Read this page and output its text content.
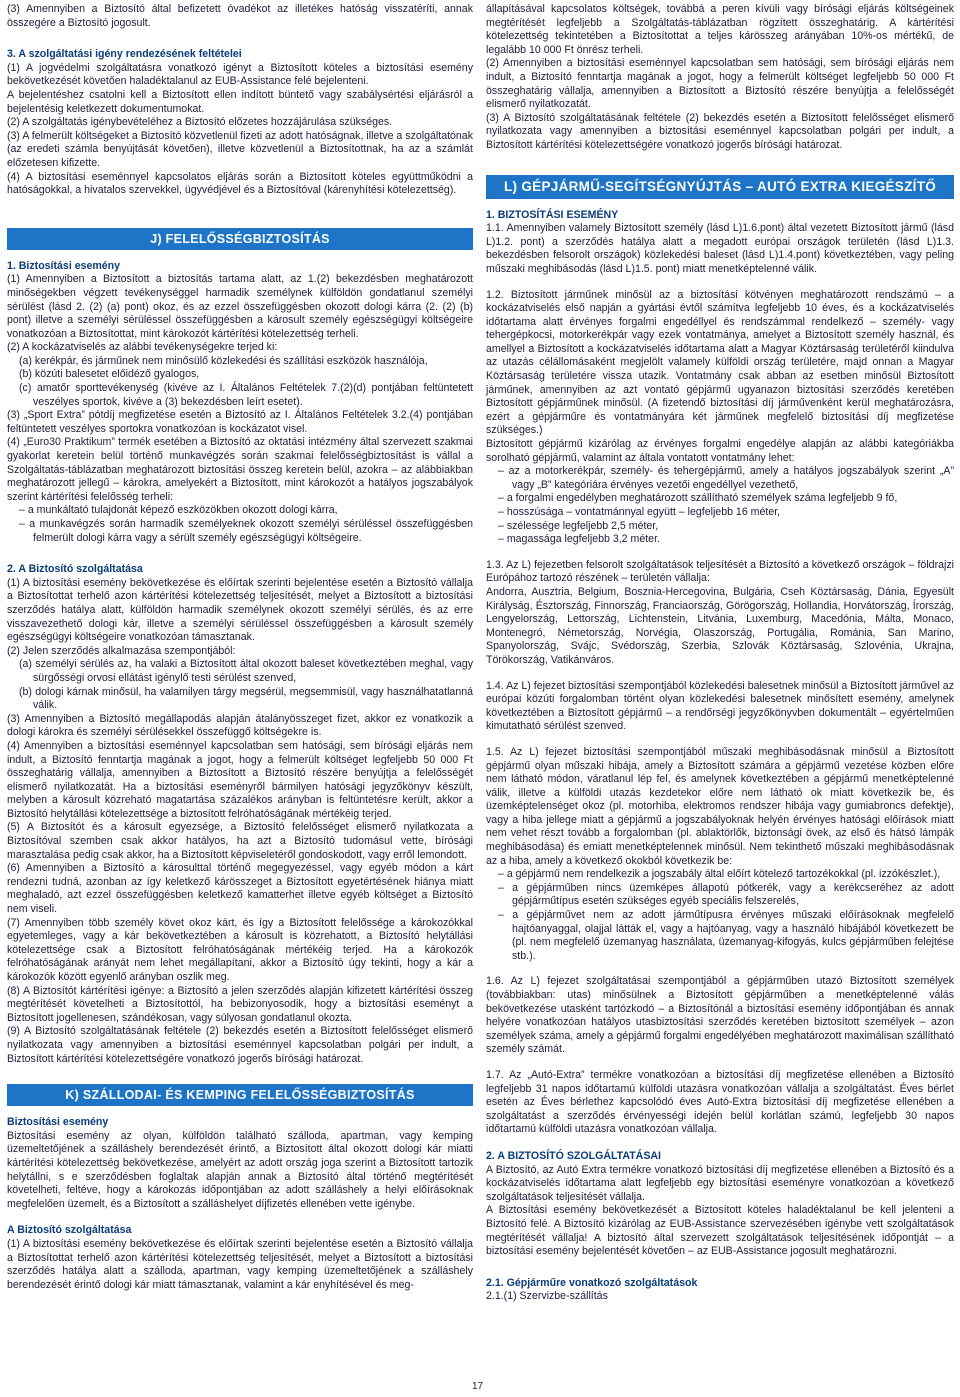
(3) Amennyiben a Biztosító által befizetett óvadékot az illetékes hatóság visszatéríti, annak összegére a Biztosító jogosult.

3. A szolgáltatási igény rendezésének feltételei

(1) A jogvédelmi szolgáltatásra vonatkozó igényt a Biztosított köteles a biztosítási esemény bekövetkezését követően haladéktalanul az EUB-Assistance felé bejelenteni.

A bejelentéshez csatolni kell a Biztosított ellen indított büntető vagy szabálysértési eljárásról a bejelentésig keletkezett dokumentumokat.

(2) A szolgáltatás igénybevételéhez a Biztosító előzetes hozzájárulása szükséges.

(3) A felmerült költségeket a Biztosító közvetlenül fizeti az adott hatóságnak, illetve a szolgáltatónak (az eredeti számla benyújtását követően), illetve közvetlenül a Biztosítottnak, ha az a számlát előzetesen kifizette.

(4) A biztosítási eseménnyel kapcsolatos eljárás során a Biztosított köteles együttműködni a hatóságokkal, a hivatalos szervekkel, ügyvédjével és a Biztosítóval (kárenyhítési kötelezettség).

J) FELELŐSSÉGBIZTOSÍTÁS

1. Biztosítási esemény

(1) Amennyiben a Biztosított a biztosítás tartama alatt, az 1.(2) bekezdésben meghatározott minőségekben végzett tevékenységgel harmadik személynek külföldön gondatlanul személyi sérülést (lásd 2. (2) (a) pont) okoz, és az ezzel összefüggésben okozott dologi kárra (2. (2) (b) pont) illetve a személyi sérüléssel összefüggésben a károsult személy egészségügyi költségeire vonatkozóan a Biztosítottat, mint károkozót kártérítési kötelezettség terheli.

(2) A kockázatviselés az alábbi tevékenységekre terjed ki:

(a) kerékpár, és járműnek nem minősülő közlekedési és szállítási eszközök használója,

(b) közúti balesetet előidéző gyalogos,

(c) amatőr sporttevékenység (kivéve az I. Általános Feltételek 7.(2)(d) pontjában feltüntetett veszélyes sportok, kivéve a (3) bekezdésben leírt esetet).

(3) „Sport Extra” pótdíj megfizetése esetén a Biztosító az I. Általános Feltételek 3.2.(4) pontjában feltüntetett veszélyes sportokra vonatkozóan is kockázatot visel.

(4) „Euro30 Praktikum” termék esetében a Biztosító az oktatási intézmény által szervezett szakmai gyakorlat keretein belül történő munkavégzés során szakmai felelősségbiztosítást is vállal a Szolgáltatás-táblázatban meghatározott biztosítási összeg keretein belül, azokra – az alábbiakban meghatározott jellegű – károkra, amelyekért a Biztosított, mint károkozót a hatályos jogszabályok szerint kártérítési felelősség terheli:

– a munkáltató tulajdonát képező eszközökben okozott dologi kárra,

– a munkavégzés során harmadik személyeknek okozott személyi sérüléssel összefüggésben felmerült dologi kárra vagy a sérült személy egészségügyi költségeire.

2. A Biztosító szolgáltatása

(1) A biztosítási esemény bekövetkezése és előírtak szerinti bejelentése esetén a Biztosító vállalja a Biztosítottat terhelő azon kártérítési kötelezettség teljesítését, melyet a Biztosított a biztosítási szerződés hatálya alatt, külföldön harmadik személynek okozott személyi sérülés, és az erre visszavezethető dologi kár, illetve a személyi sérüléssel összefüggésben a károsult személy egészségügyi költségeire vonatkozóan támasztanak.

(2) Jelen szerződés alkalmazása szempontjából:

(a) személyi sérülés az, ha valaki a Biztosított által okozott baleset következtében meghal, vagy sürgősségi orvosi ellátást igénylő testi sérülést szenved,

(b) dologi kárnak minősül, ha valamilyen tárgy megsérül, megsemmisül, vagy használhatatlanná válik.

(3) Amennyiben a Biztosító megállapodás alapján átalányösszeget fizet, akkor ez vonatkozik a dologi károkra és személyi sérülésekkel összefüggő költségekre is.

(4) Amennyiben a biztosítási eseménnyel kapcsolatban sem hatósági, sem bírósági eljárás nem indult, a Biztosító fenntartja magának a jogot, hogy a felmerült költséget legfeljebb 50 000 Ft összeghatárig vállalja, amennyiben a Biztosított a Biztosító részére benyújtja a felelősségét elismerő nyilatkozatát. Ha a biztosítási eseményről bármilyen hatósági jegyzőkönyv készült, melyben a károsult közreható magatartása százalékos arányban is feltüntetésre került, akkor a Biztosító helytállási kötelezettsége a biztosított felróhatóságának mértékéig terjed.

(5) A Biztosítót és a károsult egyezsége, a Biztosító felelősséget elismerő nyilatkozata a Biztosítóval szemben csak akkor hatályos, ha azt a Biztosító tudomásul vette, bírósági marasztalása pedig csak akkor, ha a Biztosított képviseletéről gondoskodott, vagy erről lemondott.

(6) Amennyiben a Biztosító a károsulttal történő megegyezéssel, vagy egyéb módon a kárt rendezni tudná, azonban az így keletkező kárösszeget a Biztosított egyetértésének hiánya miatt meghaladó, azt ezzel összefüggésben keletkező kamatterhet illetve egyéb költséget a Biztosító nem viseli.

(7) Amennyiben több személy követ okoz kárt, és így a Biztosított felelőssége a károkozókkal egyetemleges, vagy a kár bekövetkeztében a károsult is közrehatott, a Biztosító helytállási kötelezettsége csak a Biztosított felróhatóságának mértékéig terjed. Ha a károkozók felróhatóságának arányát nem lehet megállapítani, akkor a Biztosító úgy tekinti, hogy a kár a károkozók között egyenlő arányban oszlik meg.

(8) A Biztosítót kártérítési igénye: a Biztosító a jelen szerződés alapján kifizetett kártérítési összeg megtérítését követelheti a Biztosítottól, ha bebizonyosodik, hogy a biztosítási eseményt a Biztosított jogellenesen, szándékosan, vagy súlyosan gondatlanul okozta.

(9) A Biztosító szolgáltatásának feltétele (2) bekezdés esetén a Biztosított felelősséget elismerő nyilatkozata vagy amennyiben a biztosítási eseménnyel kapcsolatban polgári per indult, a Biztosított kártérítési kötelezettségére vonatkozó jogerős bírósági határozat.

K) SZÁLLODAI- ÉS KEMPING FELELŐSSÉGBIZTOSÍTÁS

Biztosítási esemény

Biztosítási esemény az olyan, külföldön található szálloda, apartman, vagy kemping üzemeltetőjének a szálláshely berendezését érintő, a Biztosított által okozott dologi kár miatti kártérítési kötelezettség bekövetkezése, amelyért az adott ország joga szerint a Biztosított tartozik helytállni, s e szerződésben foglaltak alapján annak a Biztosító által történő megtérítését követelheti, feltéve, hogy a károkozás időpontjában az adott szálláshely a helyi előírásoknak megfelelően üzemelt, és a Biztosított a szálláshelyet díjfizetés ellenében vette igénybe.

A Biztosító szolgáltatása

(1) A biztosítási esemény bekövetkezése és előírtak szerinti bejelentése esetén a Biztosító vállalja a Biztosítottat terhelő azon kártérítési kötelezettség teljesítését, melyet a Biztosított a biztosítási szerződés hatálya alatt a szálloda, apartman, vagy kemping üzemeltetőjének a szálláshely berendezését érintő dologi kár miatt támasztanak, valamint a kár enyhítésével és meg-

állapításával kapcsolatos költségek, továbbá a peren kívüli vagy bírósági eljárás költségeinek megtérítését legfeljebb a Szolgáltatás-táblázatban rögzített összeghatárig. A kártérítési kötelezettség tekintetében a Biztosítottat a teljes kárösszeg arányában 10%-os mértékű, de legalább 10 000 Ft önrész terheli.

(2) Amennyiben a biztosítási eseménnyel kapcsolatban sem hatósági, sem bírósági eljárás nem indult, a Biztosító fenntartja magának a jogot, hogy a felmerült költséget legfeljebb 50 000 Ft összeghatárig vállalja, amennyiben a Biztosított a Biztosító részére benyújtja a felelősségét elismerő nyilatkozatát.

(3) A Biztosító szolgáltatásának feltétele (2) bekezdés esetén a Biztosított felelősséget elismerő nyilatkozata vagy amennyiben a biztosítási eseménnyel kapcsolatban polgári per indult, a Biztosított kártérítési kötelezettségére vonatkozó jogerős bírósági határozat.

L) GÉPJÁRMŰ-SEGÍTSÉGNYÚJTÁS – AUTÓ EXTRA KIEGÉSZÍTŐ TERMÉK

1. BIZTOSÍTÁSI ESEMÉNY

1.1. Amennyiben valamely Biztosított személy (lásd L)1.6.pont) által vezetett Biztosított jármű (lásd L)1.2. pont) a szerződés hatálya alatt a megadott európai országok területén (lásd L)1.3. bekezdésben felsorolt országok) közlekedési baleset (lásd L)1.4.pont) következtében, vagy peling műszaki meghibásodás (lásd L)1.5. pont) miatt menetképtelenné válik.

1.2. Biztosított járműnek minősül az a biztosítási kötvényen meghatározott rendszámú – a kockázatviselés első napján a gyártási évtől számítva legfeljebb 10 éves, és a kockázatviselés időtartama alatt érvényes forgalmi engedéllyel és rendszámmal rendelkező – személy- vagy tehergépkocsi, motorkerékpár vagy ezek vontatmánya, amelyet a Biztosított személy használ, és amellyel a Biztosított a kockázatviselés időtartama alatt a Magyar Köztársaság területéről kiindulva az utazás célállomásaként megjelölt valamely külföldi ország területére, majd onnan a Magyar Köztársaság területére vissza utazik. Vontatmány csak abban az esetben minősül Biztosított járműnek, amennyiben az azt vontató gépjármű ugyanazon biztosítási szerződés keretében Biztosított gépjárműnek minősül. (A fizetendő biztosítási díj járművenként kerül meghatározásra, ezért a gépjárműre és vontatmányára két járműnek megfelelő biztosítási díj megfizetése szükséges.)

Biztosított gépjármű kizárólag az érvényes forgalmi engedélye alapján az alábbi kategóriákba sorolható gépjármű, valamint az általa vontatott vontatmány lehet:

– az a motorkerékpár, személy- és tehergépjármű, amely a hatályos jogszabályok szerint „A” vagy „B” kategóriára érvényes vezetői engedéllyel vezethető,

– a forgalmi engedélyben meghatározott szállítható személyek száma legfeljebb 9 fő,

– hosszúsága – vontatmánnyal együtt – legfeljebb 16 méter,

– szélessége legfeljebb 2,5 méter,

– magassága legfeljebb 3,2 méter.

1.3. Az L) fejezetben felsorolt szolgáltatások teljesítését a Biztosító a következő országok – földrajzi Európához tartozó részének – területén vállalja:

Andorra, Ausztria, Belgium, Bosznia-Hercegovina, Bulgária, Cseh Köztársaság, Dánia, Egyesült Királyság, Észtország, Finnország, Franciaország, Görögország, Hollandia, Horvátország, Írország, Lengyelország, Lettország, Lichtenstein, Litvánia, Luxemburg, Macedónia, Málta, Monaco, Montenegró, Németország, Norvégia, Olaszország, Portugália, Románia, San Marino, Spanyolország, Svájc, Svédország, Szerbia, Szlovák Köztársaság, Szlovénia, Ukrajna, Törökország, Vatikánváros.

1.4. Az L) fejezet biztosítási szempontjából közlekedési balesetnek minősül a Biztosított járművel az európai közúti forgalomban történt olyan közlekedési balesetnek minősített esemény, amelynek következtében a Biztosított gépjármű – a rendőrségi jegyzőkönyvben dokumentált – egyértelműen kimutatható sérülést szenved.

1.5. Az L) fejezet biztosítási szempontjából műszaki meghibásodásnak minősül a Biztosított gépjármű olyan műszaki hibája, amely a Biztosított számára a gépjármű vezetése közben előre nem látható módon, váratlanul lép fel, és amelynek következtében a gépjármű menetképtelenné válik, illetve a külföldi utazás kezdetekor előre nem látható ok miatt következik be, és üzemképtelenséget okoz (pl. motorhiba, elektromos rendszer hibája vagy gumiabroncs defektje), vagy a hiba jellege miatt a gépjármű a jogszabályoknak helyén érvényes hatósági előírások miatt nem vehet részt tovább a forgalomban (pl. ablaktörlők, biztonsági övek, az első és hátsó lámpák meghibásodása) és emiatt menetképtelennek minősül. Nem tekinthető műszaki meghibásodásnak az a hiba, amely a következő okokból következik be:

– a gépjármű nem rendelkezik a jogszabály által előírt kötelező tartozékokkal (pl. izzókészlet.),

– a gépjárműben nincs üzemképes állapotú pótkerék, vagy a kerékcseréhez az adott gépjárműtípus esetén szükséges egyéb speciális felszerelés,

– a gépjárművet nem az adott járműtípusra érvényes műszaki előírásoknak megfelelő hajtóanyaggal, olajjal látták el, vagy a hajtóanyag, vagy a használó hibájából következett be (pl. nem megfelelő üzemanyag használata, üzemanyag-kifogyás, kulcs gépjárműben felejtése stb.).

1.6. Az L) fejezet szolgáltatásai szempontjából a gépjárműben utazó Biztosított személyek (továbbiakban: utas) minősülnek a Biztosított gépjárműben a menetképtelenné válás bekövetkezése utasként tartózkodó – a Biztosítónál a biztosítási esemény időpontjában és annak helyére vonatkozóan hatályos utasbiztosítási szerződés keretében biztosított személyek – azon személyek száma, amely a gépjármű forgalmi engedélyében meghatározott maximálisan szállítható személy számát.

1.7. Az „Autó-Extra” termékre vonatkozóan a biztosítási díj megfizetése ellenében a Biztosító legfeljebb 31 napos időtartamú külföldi utazásra vonatkozóan vállalja a szolgáltatást. Éves bérlet esetén az Éves bérlethez kapcsolódó éves Autó-Extra biztosítási díj megfizetése ellenében a szolgáltatást a szerződés érvényességi idején belül korlátlan számú, legfeljebb 30 napos időtartamú külföldi utazásra vonatkozóan vállalja.

2. A BIZTOSÍTÓ SZOLGÁLTATÁSAI

A Biztosító, az Autó Extra termékre vonatkozó biztosítási díj megfizetése ellenében a Biztosító és a kockázatviselés időtartama alatt legfeljebb egy biztosítási eseményre vonatkozóan a következő szolgáltatások teljesítését vállalja.

A Biztosítási esemény bekövetkezését a Biztosított köteles haladéktalanul be kell jelenteni a Biztosító felé. A Biztosító kizárólag az EUB-Assistance szervezésében igénybe vett szolgáltatások megtérítését vállalja! A biztosító által szervezett szolgáltatások teljesítésének időpontját – a biztosítási esemény bejelentését követően – az EUB-Assistance jogosult meghatározni.

2.1. Gépjárműre vonatkozó szolgáltatások

2.1.(1) Szervizbe-szállítás

17
